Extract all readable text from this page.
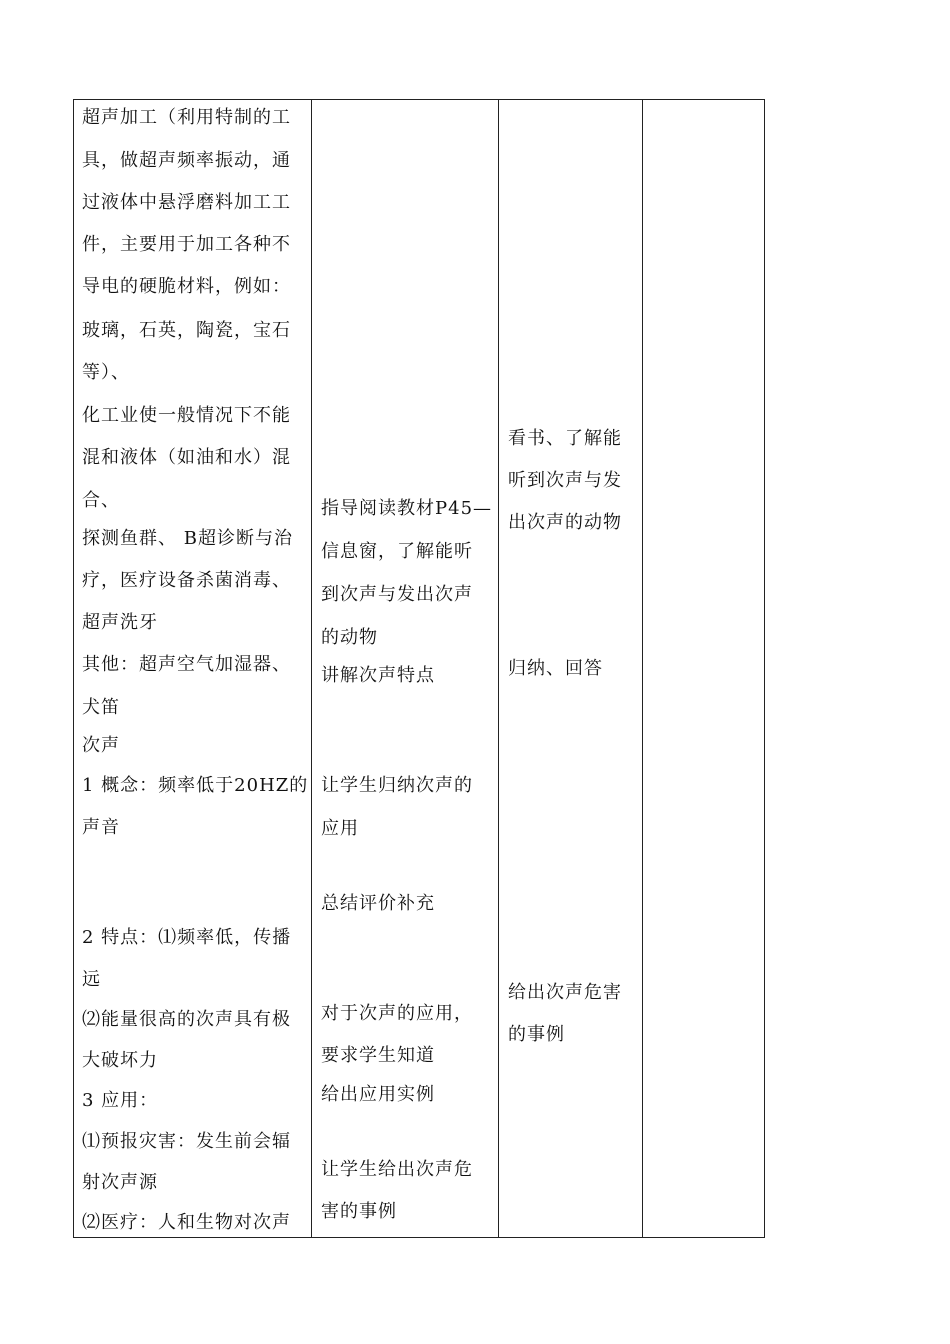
超声加工（利用特制的工
具，做超声频率振动，通
过液体中悬浮磨料加工工
件，主要用于加工各种不
导电的硬脆材料，例如：
玻璃，石英，陶瓷，宝石
等）、
化工业使一般情况下不能
混和液体（如油和水）混
合、
探测鱼群、 B超诊断与治
疗，医疗设备杀菌消毒、
超声洗牙
其他：超声空气加湿器、
犬笛
次声
1 概念：频率低于20HZ的
声音
2 特点：⑴频率低，传播
远
⑵能量很高的次声具有极
大破坏力
3 应用：
⑴预报灾害：发生前会辐
射次声源
⑵医疗：人和生物对次声
指导阅读教材P45—
信息窗，了解能听
到次声与发出次声
的动物
讲解次声特点
让学生归纳次声的
应用
总结评价补充
对于次声的应用，
要求学生知道
给出应用实例
让学生给出次声危
害的事例
看书、了解能
听到次声与发
出次声的动物
归纳、回答
给出次声危害
的事例
